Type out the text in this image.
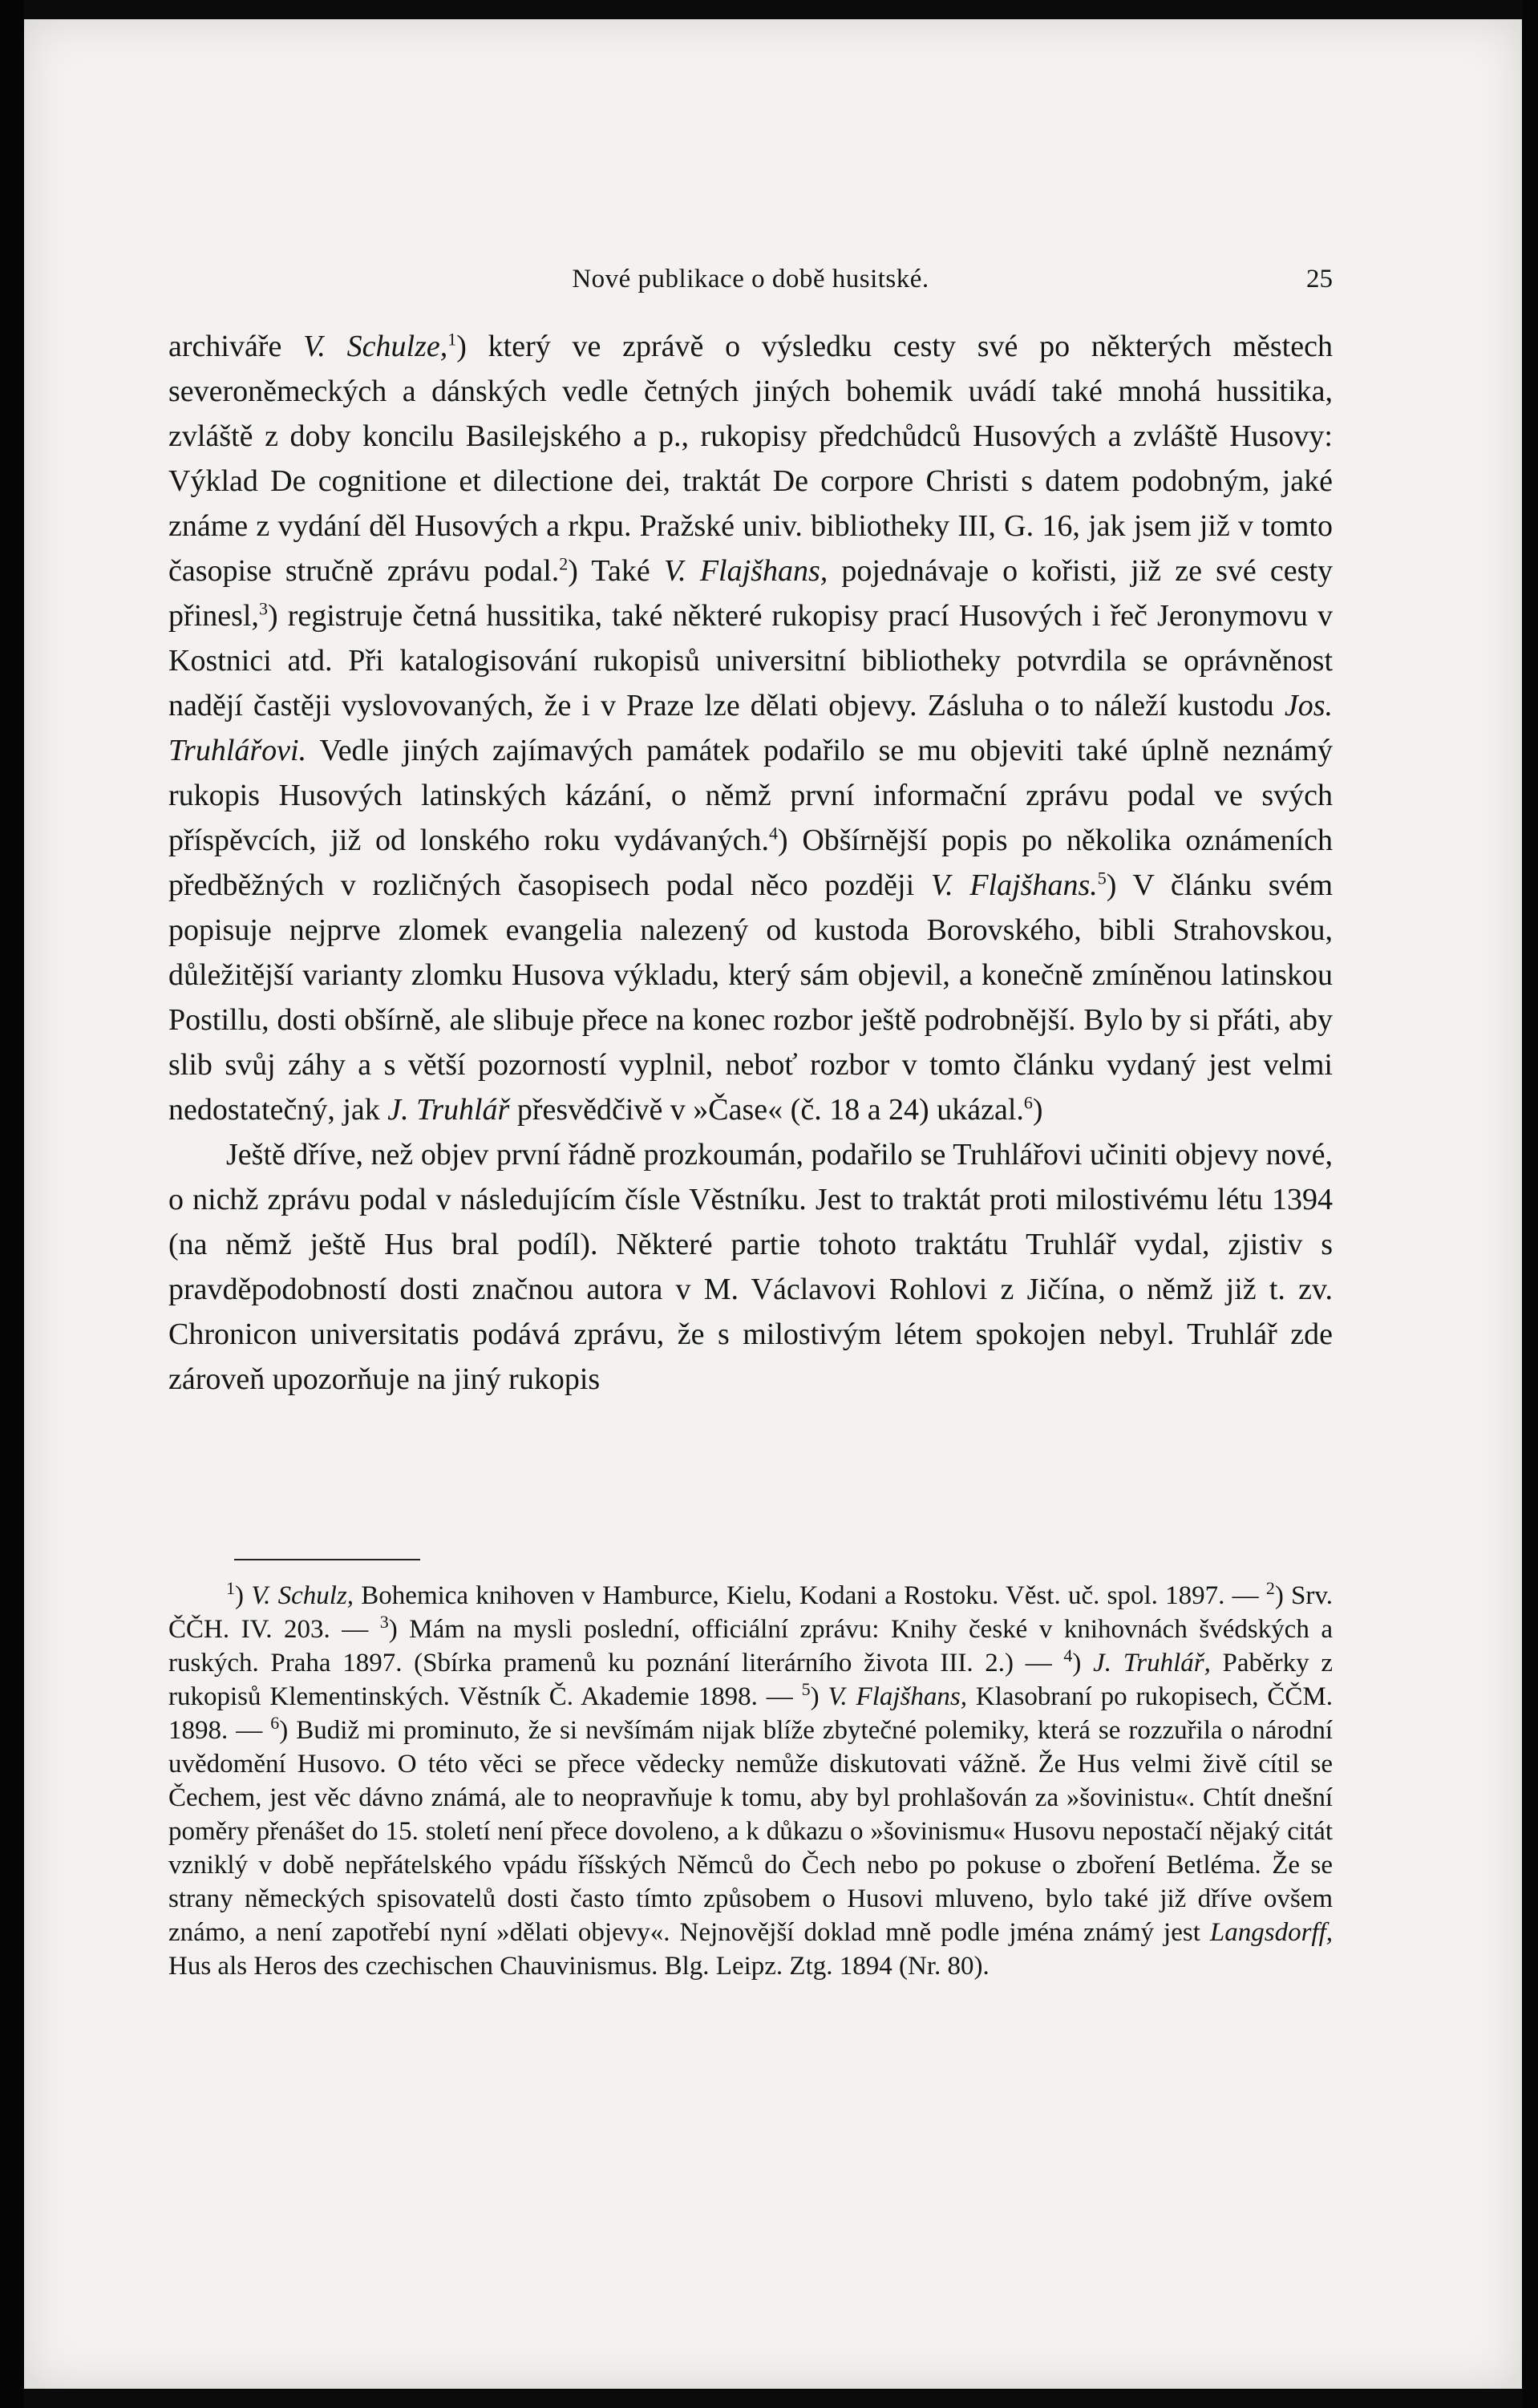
Nové publikace o době husitské.	25

archiváře V. Schulze,$^1$) který ve zprávě o výsledku cesty své po některých městech severoněmeckých a dánských vedle četných jiných bohemik uvádí také mnohá hussitika, zvláště z doby koncilu Basilejského a p., rukopisy předchůdců Husových a zvláště Husovy: Výklad De cognitione et dilectione dei, traktát De corpore Christi s datem podobným, jaké známe z vydání děl Husových a rkpu. Pražské univ. bibliotheky III, G. 16, jak jsem již v tomto časopise stručně zprávu podal.$^2$) Také V. Flajšhans, pojednávaje o kořisti, již ze své cesty přinesl,$^3$) registruje četná hussitika, také některé rukopisy prací Husových i řeč Jeronymovu v Kostnici atd. Při katalogisování rukopisů universitní bibliotheky potvrdila se oprávněnost nadějí častěji vyslovovaných, že i v Praze lze dělati objevy. Zásluha o to náleží kustodu Jos. Truhlářovi. Vedle jiných zajímavých památek podařilo se mu objeviti také úplně neznámý rukopis Husových latinských kázání, o němž první informační zprávu podal ve svých příspěvcích, již od lonského roku vydávaných.$^4$) Obšírnější popis po několika oznámeních předběžných v rozličných časopisech podal něco později V. Flajšhans.$^5$) V článku svém popisuje nejprve zlomek evangelia nalezený od kustoda Borovského, bibli Strahovskou, důležitější varianty zlomku Husova výkladu, který sám objevil, a konečně zmíněnou latinskou Postillu, dosti obšírně, ale slibuje přece na konec rozbor ještě podrobnější. Bylo by si přáti, aby slib svůj záhy a s větší pozorností vyplnil, neboť rozbor v tomto článku vydaný jest velmi nedostatečný, jak J. Truhlář přesvědčivě v »Čase« (č. 18 a 24) ukázal.$^6$)

Ještě dříve, než objev první řádně prozkoumán, podařilo se Truhlářovi učiniti objevy nové, o nichž zprávu podal v následujícím čísle Věstníku. Jest to traktát proti milostivému létu 1394 (na němž ještě Hus bral podíl). Některé partie tohoto traktátu Truhlář vydal, zjistiv s pravděpodobností dosti značnou autora v M. Václavovi Rohlovi z Jičína, o němž již t. zv. Chronicon universitatis podává zprávu, že s milostivým létem spokojen nebyl. Truhlář zde zároveň upozorňuje na jiný rukopis

$^1$) V. Schulz, Bohemica knihoven v Hamburce, Kielu, Kodani a Rostoku. Věst. uč. spol. 1897. — $^2$) Srv. ČČH. IV. 203. — $^3$) Mám na mysli poslední, officiální zprávu: Knihy české v knihovnách švédských a ruských. Praha 1897. (Sbírka pramenů ku poznání literárního života III. 2.) — $^4$) J. Truhlář, Paběrky z rukopisů Klementinských. Věstník Č. Akademie 1898. — $^5$) V. Flajšhans, Klasobraní po rukopisech, ČČM. 1898. — $^6$) Budiž mi prominuto, že si nevšímám nijak blíže zbytečné polemiky, která se rozzuřila o národní uvědomění Husovo. O této věci se přece vědecky nemůže diskutovati vážně. Že Hus velmi živě cítil se Čechem, jest věc dávno známá, ale to neopravňuje k tomu, aby byl prohlašován za »šovinistu«. Chtít dnešní poměry přenášet do 15. století není přece dovoleno, a k důkazu o »šovinismu« Husovu nepostačí nějaký citát vzniklý v době nepřátelského vpádu říšských Němců do Čech nebo po pokuse o zboření Betléma. Že se strany německých spisovatelů dosti často tímto způsobem o Husovi mluveno, bylo také již dříve ovšem známo, a není zapotřebí nyní »dělati objevy«. Nejnovější doklad mně podle jména známý jest Langsdorff, Hus als Heros des czechischen Chauvinismus. Blg. Leipz. Ztg. 1894 (Nr. 80).
